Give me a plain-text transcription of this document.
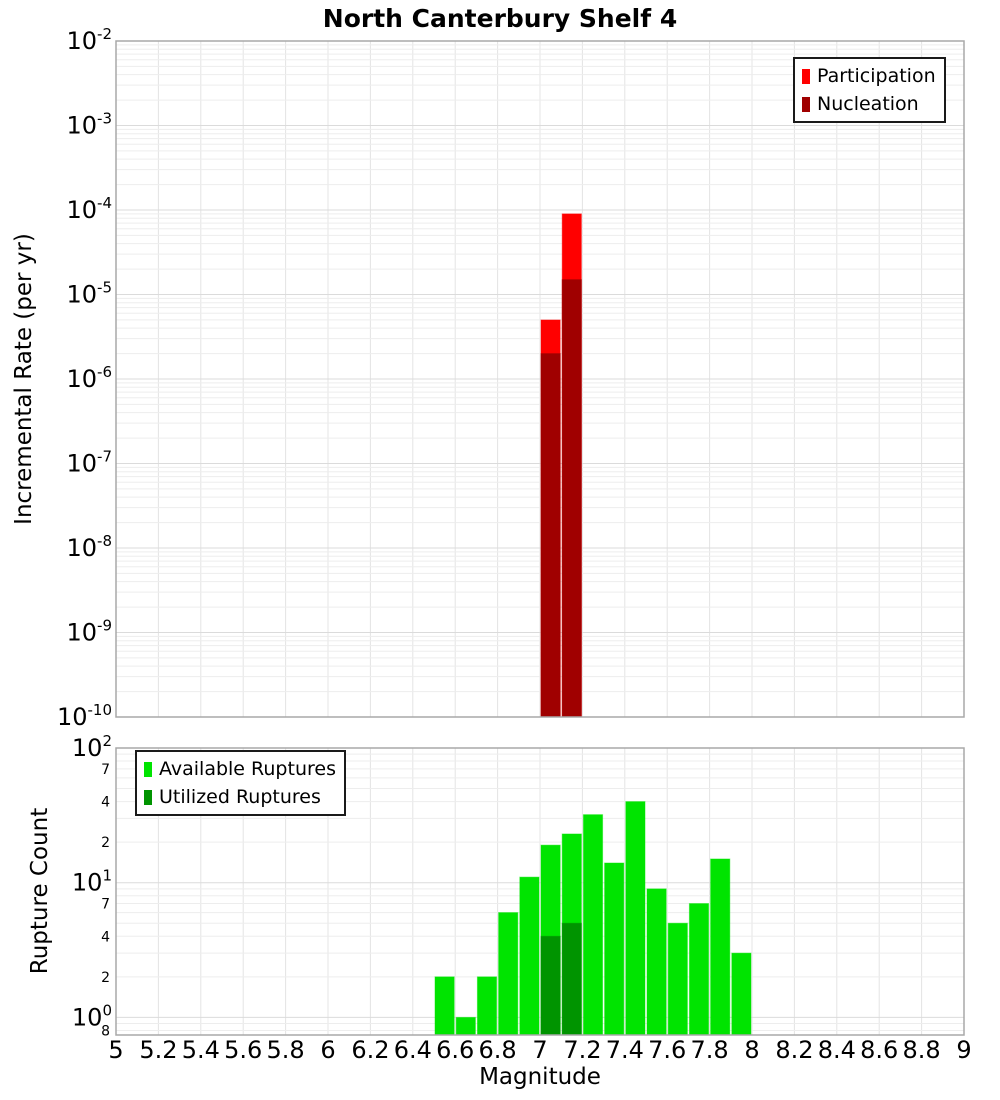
North Canterbury Shelf 4
$10^{-2}$
$10^{-3}$
$10^{-4}$
$10^{-5}$
$10^{-6}$
$10^{-7}$
$10^{-8}$
$10^{-9}$
$10^{-10}$
$10^2$
$10^1$
$10^0$
7
4
2
7
4
2
8
5 5.2 5.4 5.6 5.8 6 6.2 6.4 6.6 6.8 7 7.2 7.4 7.6 7.8 8 8.2 8.4 8.6 8.8 9
Incremental Rate (per yr)
Rupture Count
Magnitude
Participation
Nucleation
Available Ruptures
Utilized Ruptures
